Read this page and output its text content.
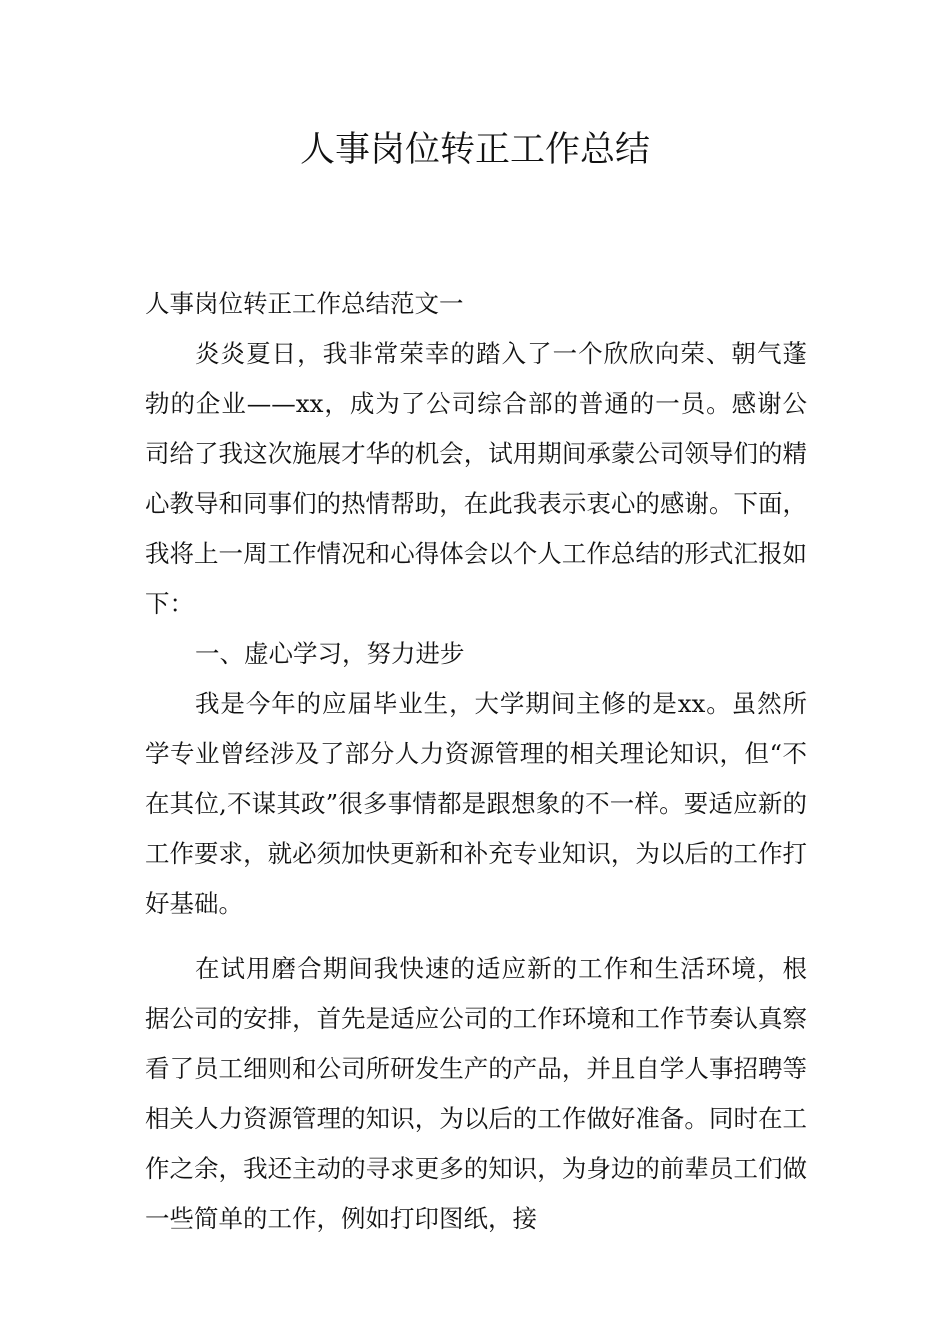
人事岗位转正工作总结

人事岗位转正工作总结范文一

炎炎夏日，我非常荣幸的踏入了一个欣欣向荣、朝气蓬勃的企业——xx，成为了公司综合部的普通的一员。感谢公司给了我这次施展才华的机会，试用期间承蒙公司领导们的精心教导和同事们的热情帮助，在此我表示衷心的感谢。下面，我将上一周工作情况和心得体会以个人工作总结的形式汇报如下：

一、虚心学习，努力进步

我是今年的应届毕业生，大学期间主修的是xx。虽然所学专业曾经涉及了部分人力资源管理的相关理论知识，但“不在其位,不谋其政”很多事情都是跟想象的不一样。要适应新的工作要求，就必须加快更新和补充专业知识，为以后的工作打好基础。

在试用磨合期间我快速的适应新的工作和生活环境，根据公司的安排，首先是适应公司的工作环境和工作节奏认真察看了员工细则和公司所研发生产的产品，并且自学人事招聘等相关人力资源管理的知识，为以后的工作做好准备。同时在工作之余，我还主动的寻求更多的知识，为身边的前辈员工们做一些简单的工作，例如打印图纸，接
